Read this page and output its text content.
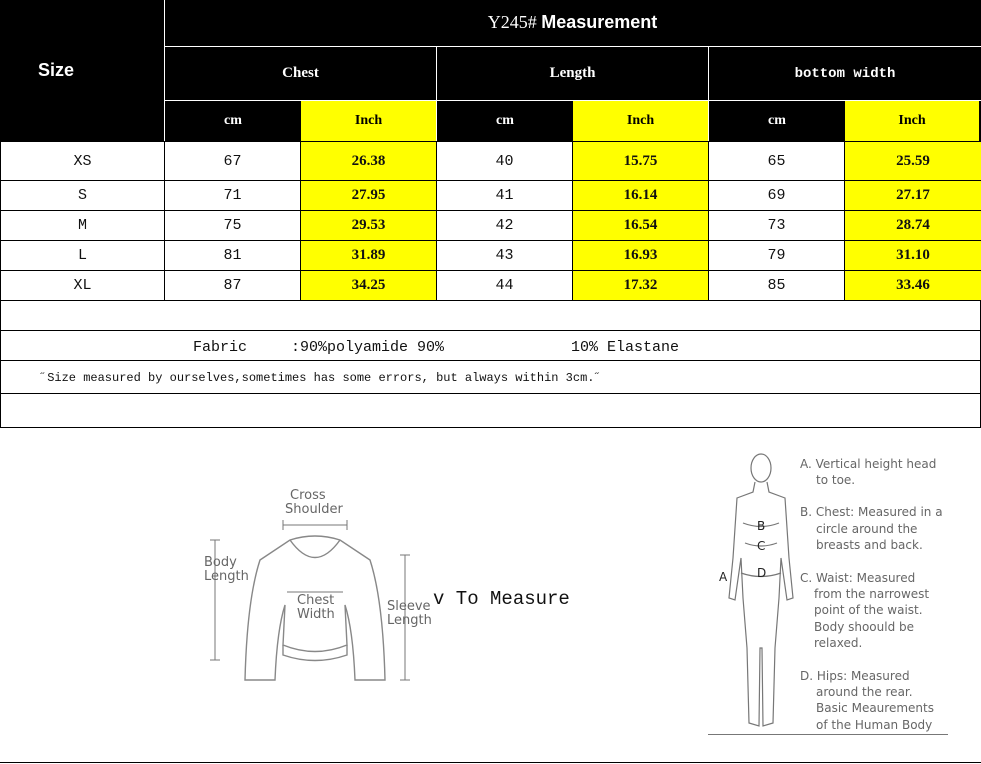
Size
Y245# Measurement
Chest	Length	bottom width
cm	Inch	cm	Inch	cm	Inch
XS	67	26.38	40	15.75	65	25.59
S	71	27.95	41	16.14	69	27.17
M	75	29.53	42	16.54	73	28.74
L	81	31.89	43	16.93	79	31.10
XL	87	34.25	44	17.32	85	33.46
Fabric	:90%polyamide 90%	10% Elastane
˝Size measured by ourselves,sometimes has some errors, but always within 3cm.˝
v To Measure
Cross
Shoulder
Body
Length
Chest
Width
Sleeve
Length
A
B
C
D
A. Vertical height head
to toe.
B. Chest: Measured in a
circle around the
breasts and back.
C. Waist: Measured
from the narrowest
point of the waist.
Body shoould be
relaxed.
D. Hips: Measured
around the rear.
Basic Meaurements
of the Human Body
